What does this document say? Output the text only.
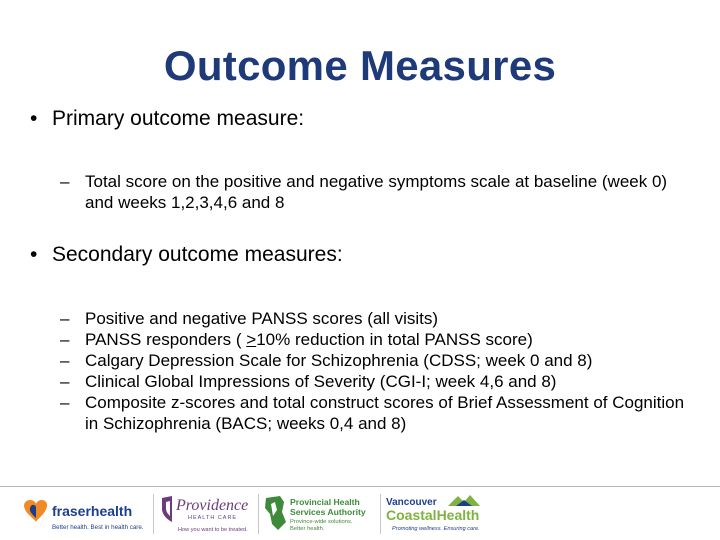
Outcome Measures
• Primary outcome measure:
– Total score on the positive and negative symptoms scale at baseline (week 0) and weeks 1,2,3,4,6 and 8
• Secondary outcome measures:
– Positive and negative PANSS scores (all visits)
– PANSS responders ( ≥10% reduction in total PANSS score)
– Calgary Depression Scale for Schizophrenia (CDSS; week 0 and 8)
– Clinical Global Impressions of Severity (CGI-I; week 4,6 and 8)
– Composite z-scores and total construct scores of Brief Assessment of Cognition in Schizophrenia (BACS; weeks 0,4 and 8)
fraserhealth
Better health. Best in health care.
Providence
HEALTH CARE
How you want to be treated.
Provincial Health
Services Authority
Province-wide solutions.
Better health.
Vancouver
CoastalHealth
Promoting wellness. Ensuring care.
